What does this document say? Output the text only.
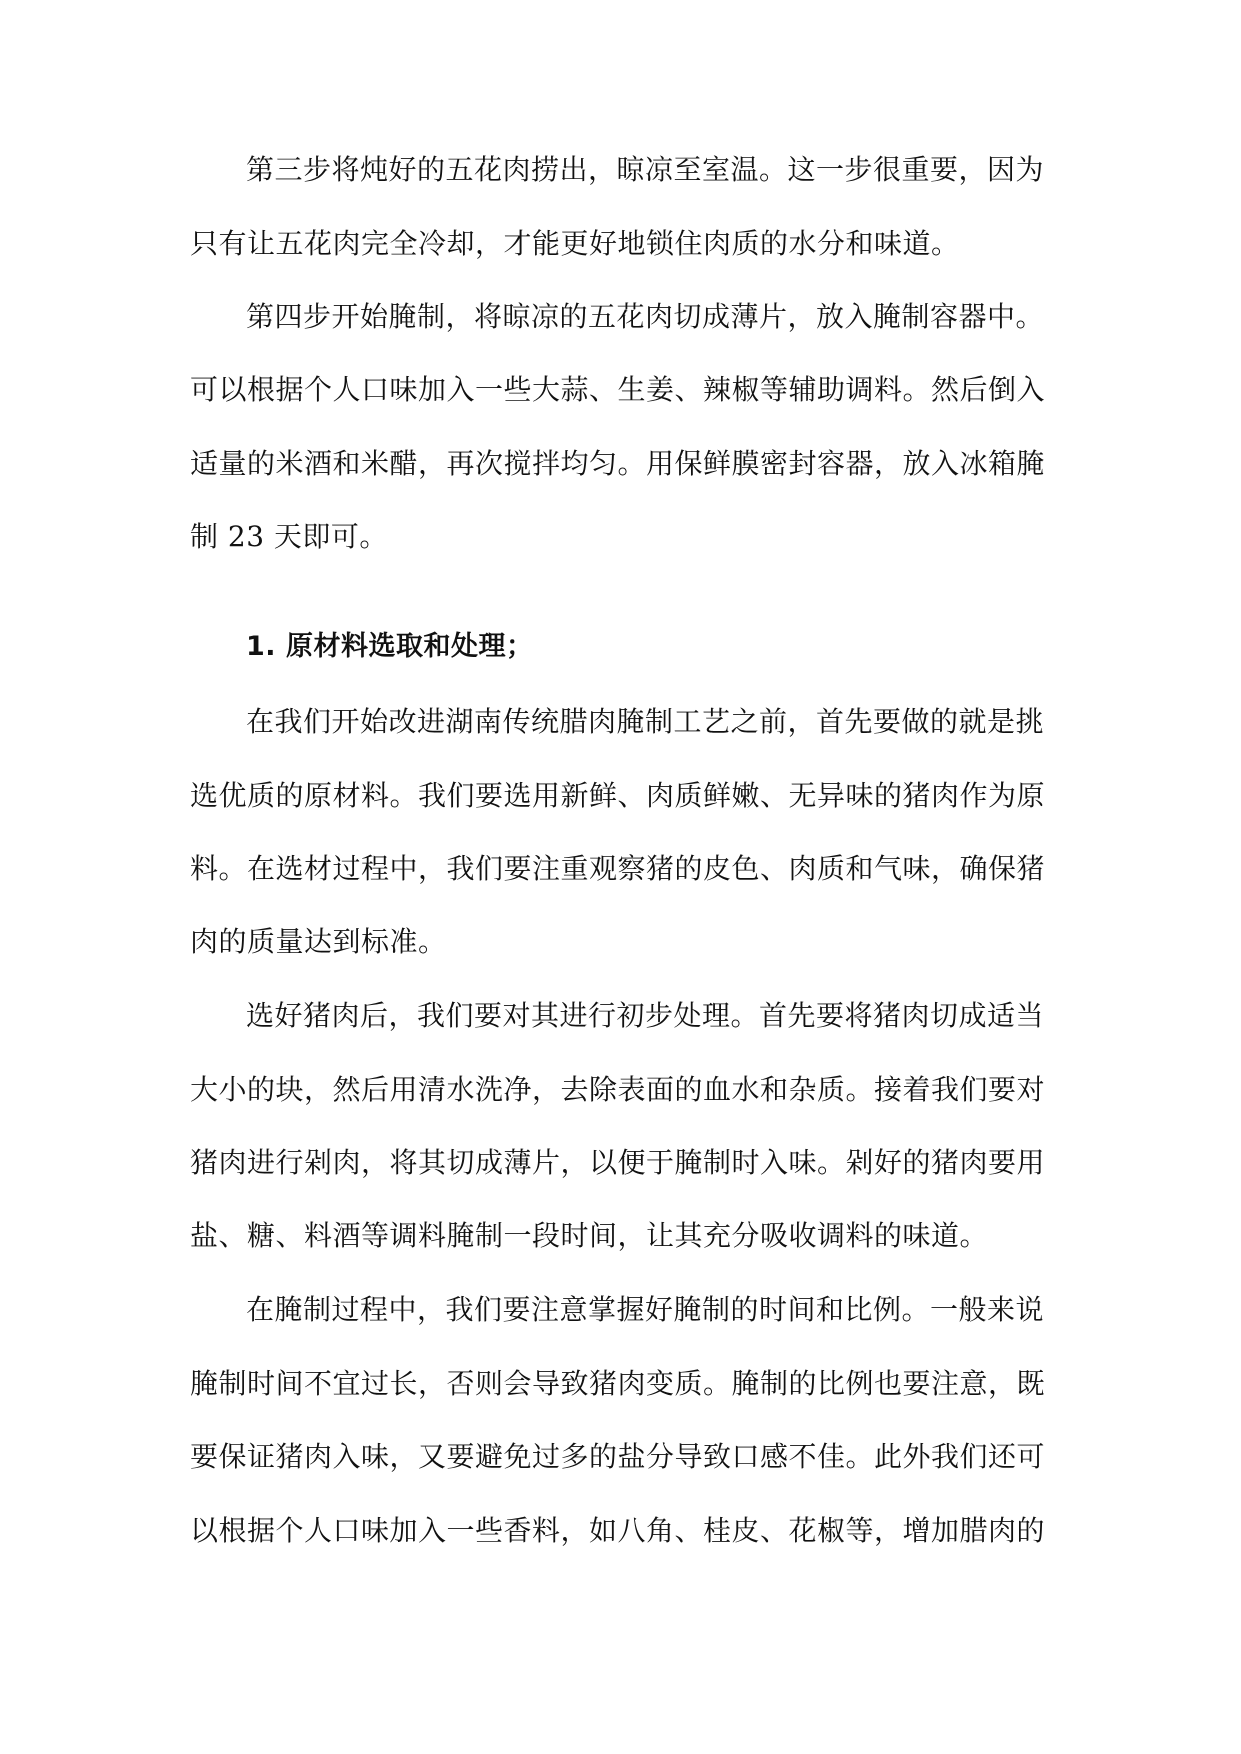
第三步将炖好的五花肉捞出，晾凉至室温。这一步很重要，因为

只有让五花肉完全冷却，才能更好地锁住肉质的水分和味道。

第四步开始腌制，将晾凉的五花肉切成薄片，放入腌制容器中。

可以根据个人口味加入一些大蒜、生姜、辣椒等辅助调料。然后倒入

适量的米酒和米醋，再次搅拌均匀。用保鲜膜密封容器，放入冰箱腌

制 23 天即可。

1. 原材料选取和处理；

在我们开始改进湖南传统腊肉腌制工艺之前，首先要做的就是挑

选优质的原材料。我们要选用新鲜、肉质鲜嫩、无异味的猪肉作为原

料。在选材过程中，我们要注重观察猪的皮色、肉质和气味，确保猪

肉的质量达到标准。

选好猪肉后，我们要对其进行初步处理。首先要将猪肉切成适当

大小的块，然后用清水洗净，去除表面的血水和杂质。接着我们要对

猪肉进行剁肉，将其切成薄片，以便于腌制时入味。剁好的猪肉要用

盐、糖、料酒等调料腌制一段时间，让其充分吸收调料的味道。

在腌制过程中，我们要注意掌握好腌制的时间和比例。一般来说

腌制时间不宜过长，否则会导致猪肉变质。腌制的比例也要注意，既

要保证猪肉入味，又要避免过多的盐分导致口感不佳。此外我们还可

以根据个人口味加入一些香料，如八角、桂皮、花椒等，增加腊肉的
